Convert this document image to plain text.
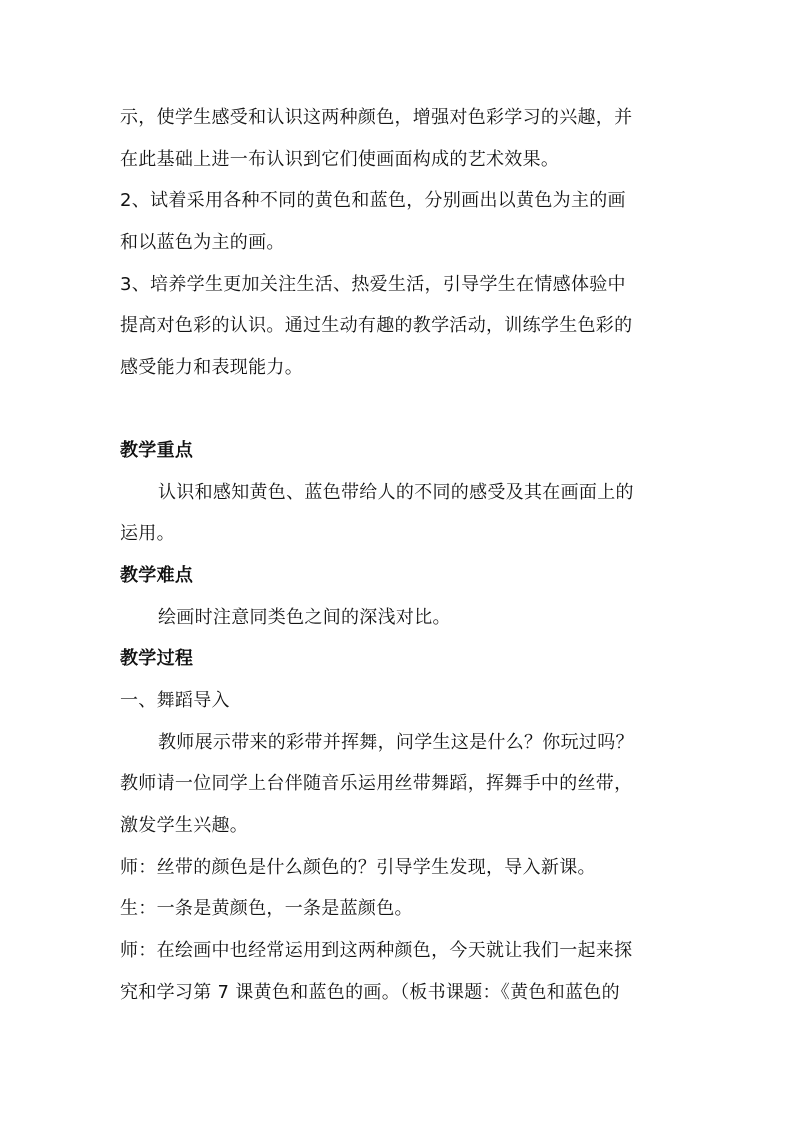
示，使学生感受和认识这两种颜色，增强对色彩学习的兴趣，并
在此基础上进一布认识到它们使画面构成的艺术效果。
2、试着采用各种不同的黄色和蓝色，分别画出以黄色为主的画
和以蓝色为主的画。
3、培养学生更加关注生活、热爱生活，引导学生在情感体验中
提高对色彩的认识。通过生动有趣的教学活动，训练学生色彩的
感受能力和表现能力。
教学重点
认识和感知黄色、蓝色带给人的不同的感受及其在画面上的
运用。
教学难点
绘画时注意同类色之间的深浅对比。
教学过程
一、舞蹈导入
教师展示带来的彩带并挥舞，问学生这是什么？你玩过吗？
教师请一位同学上台伴随音乐运用丝带舞蹈，挥舞手中的丝带，
激发学生兴趣。
师：丝带的颜色是什么颜色的？引导学生发现，导入新课。
生：一条是黄颜色，一条是蓝颜色。
师：在绘画中也经常运用到这两种颜色，今天就让我们一起来探
究和学习第 7 课黄色和蓝色的画。（板书课题：《黄色和蓝色的
